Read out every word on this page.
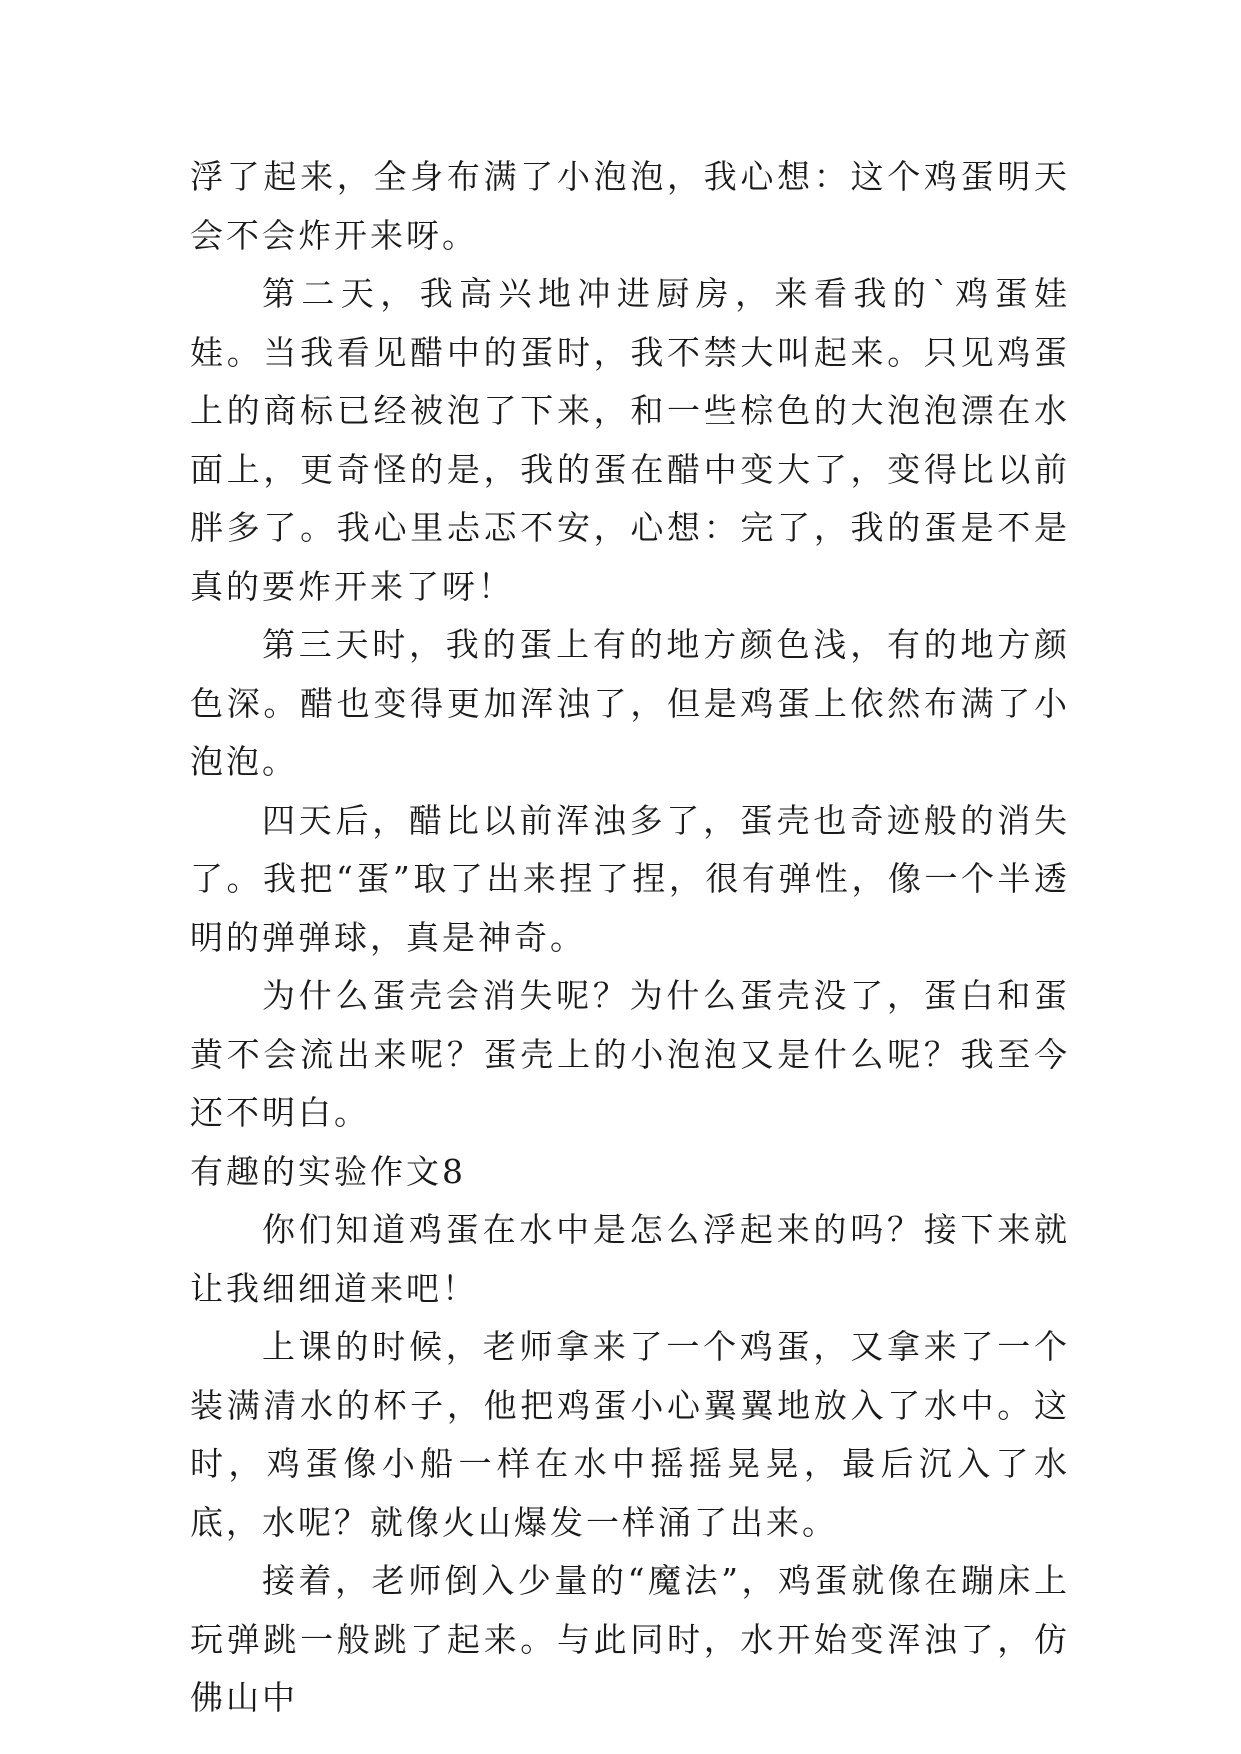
浮了起来，全身布满了小泡泡，我心想：这个鸡蛋明天会不会炸开来呀。

第二天，我高兴地冲进厨房，来看我的`鸡蛋娃娃。当我看见醋中的蛋时，我不禁大叫起来。只见鸡蛋上的商标已经被泡了下来，和一些棕色的大泡泡漂在水面上，更奇怪的是，我的蛋在醋中变大了，变得比以前胖多了。我心里忐忑不安，心想：完了，我的蛋是不是真的要炸开来了呀！

第三天时，我的蛋上有的地方颜色浅，有的地方颜色深。醋也变得更加浑浊了，但是鸡蛋上依然布满了小泡泡。

四天后，醋比以前浑浊多了，蛋壳也奇迹般的消失了。我把“蛋”取了出来捏了捏，很有弹性，像一个半透明的弹弹球，真是神奇。

为什么蛋壳会消失呢？为什么蛋壳没了，蛋白和蛋黄不会流出来呢？蛋壳上的小泡泡又是什么呢？我至今还不明白。

有趣的实验作文8

你们知道鸡蛋在水中是怎么浮起来的吗？接下来就让我细细道来吧！

上课的时候，老师拿来了一个鸡蛋，又拿来了一个装满清水的杯子，他把鸡蛋小心翼翼地放入了水中。这时，鸡蛋像小船一样在水中摇摇晃晃，最后沉入了水底，水呢？就像火山爆发一样涌了出来。

接着，老师倒入少量的“魔法”，鸡蛋就像在蹦床上玩弹跳一般跳了起来。与此同时，水开始变浑浊了，仿佛山中
